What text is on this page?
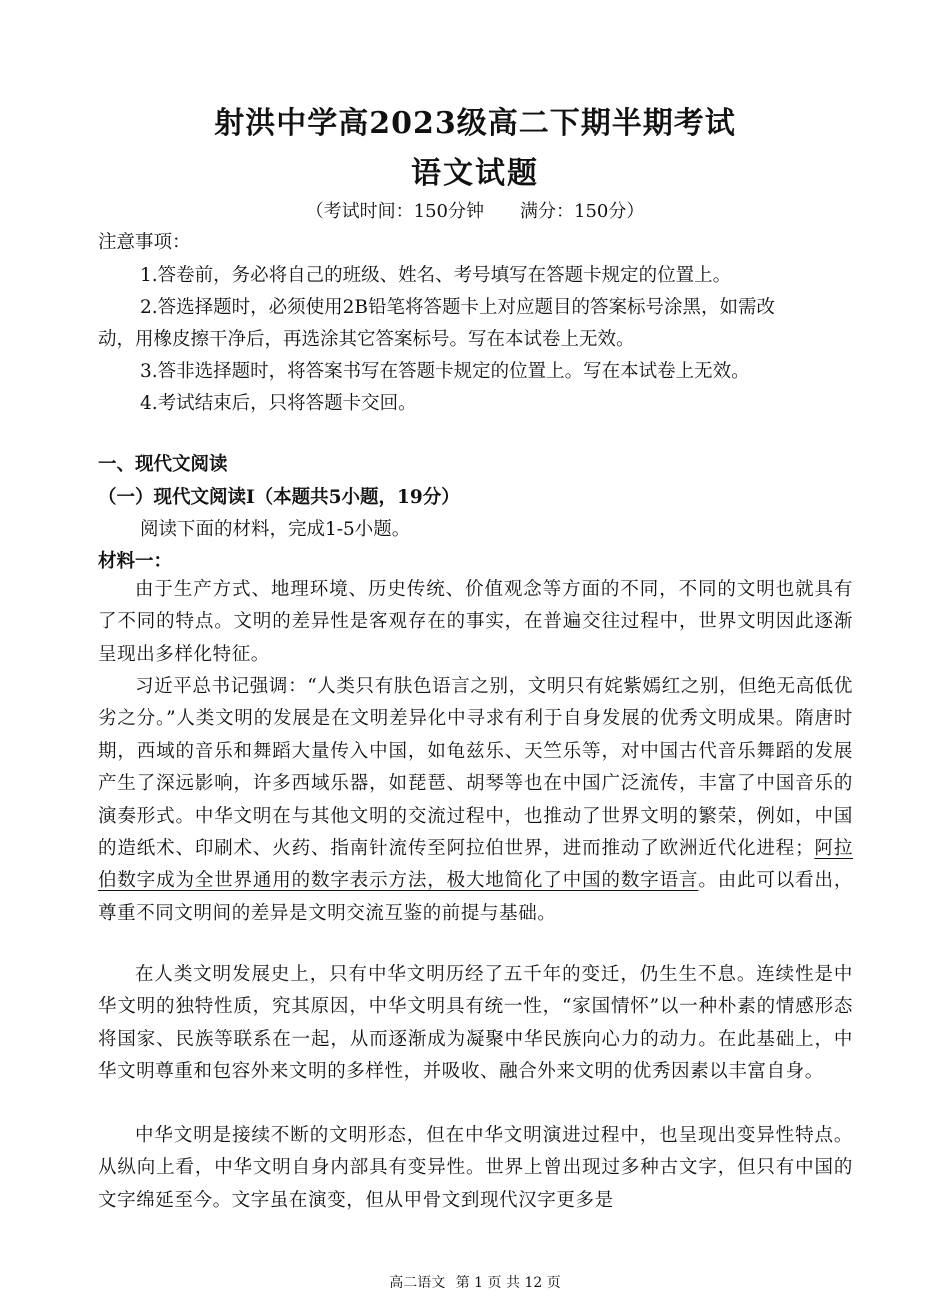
射洪中学高2023级高二下期半期考试
语文试题
（考试时间：150分钟 满分：150分）
注意事项：
1.答卷前，务必将自己的班级、姓名、考号填写在答题卡规定的位置上。
2.答选择题时，必须使用2B铅笔将答题卡上对应题目的答案标号涂黑，如需改
动，用橡皮擦干净后，再选涂其它答案标号。写在本试卷上无效。
3.答非选择题时，将答案书写在答题卡规定的位置上。写在本试卷上无效。
4.考试结束后，只将答题卡交回。
一、现代文阅读
（一）现代文阅读I（本题共5小题，19分）
阅读下面的材料，完成1-5小题。
材料一：

由于生产方式、地理环境、历史传统、价值观念等方面的不同，不同的文明也就具有了不同的特点。文明的差异性是客观存在的事实，在普遍交往过程中，世界文明因此逐渐呈现出多样化特征。

习近平总书记强调：“人类只有肤色语言之别，文明只有姹紫嫣红之别，但绝无高低优劣之分。”人类文明的发展是在文明差异化中寻求有利于自身发展的优秀文明成果。隋唐时期，西域的音乐和舞蹈大量传入中国，如龟兹乐、天竺乐等，对中国古代音乐舞蹈的发展产生了深远影响，许多西域乐器，如琵琶、胡琴等也在中国广泛流传，丰富了中国音乐的演奏形式。中华文明在与其他文明的交流过程中，也推动了世界文明的繁荣，例如，中国的造纸术、印刷术、火药、指南针流传至阿拉伯世界，进而推动了欧洲近代化进程；阿拉伯数字成为全世界通用的数字表示方法，极大地简化了中国的数字语言。由此可以看出，尊重不同文明间的差异是文明交流互鉴的前提与基础。

在人类文明发展史上，只有中华文明历经了五千年的变迁，仍生生不息。连续性是中华文明的独特性质，究其原因，中华文明具有统一性，“家国情怀”以一种朴素的情感形态将国家、民族等联系在一起，从而逐渐成为凝聚中华民族向心力的动力。在此基础上，中华文明尊重和包容外来文明的多样性，并吸收、融合外来文明的优秀因素以丰富自身。

中华文明是接续不断的文明形态，但在中华文明演进过程中，也呈现出变异性特点。从纵向上看，中华文明自身内部具有变异性。世界上曾出现过多种古文字，但只有中国的文字绵延至今。文字虽在演变，但从甲骨文到现代汉字更多是

高二语文 第 1 页 共 12 页
